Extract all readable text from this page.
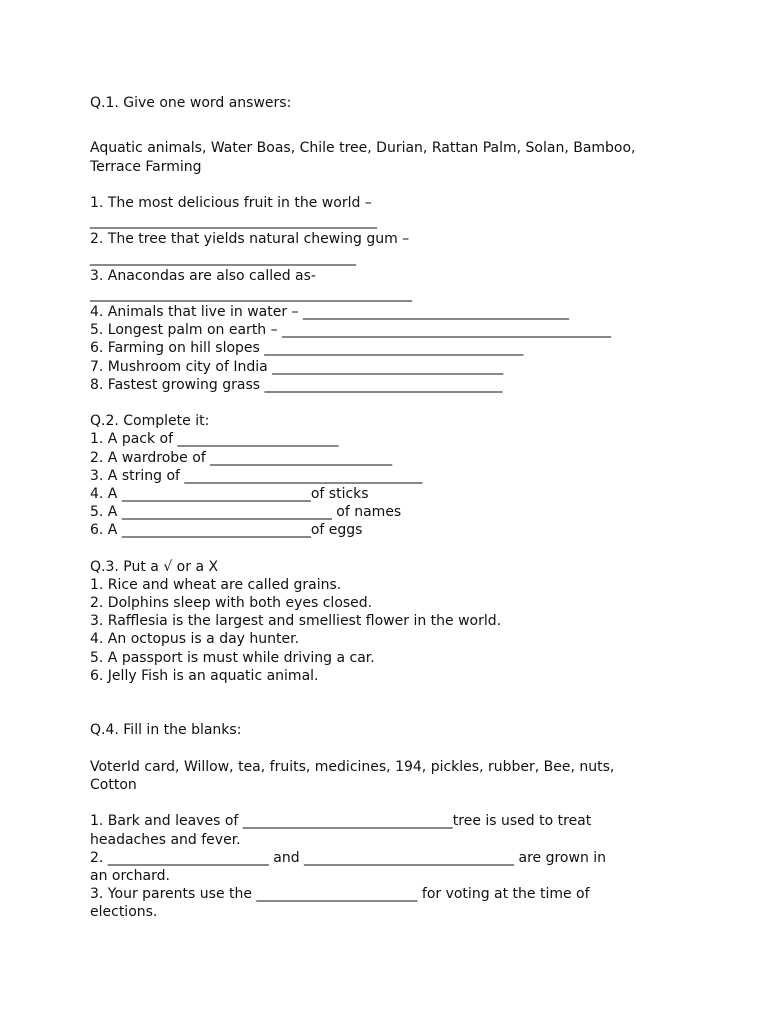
Q.1. Give one word answers:
Aquatic animals, Water Boas, Chile tree, Durian, Rattan Palm, Solan, Bamboo,
Terrace Farming
1. The most delicious fruit in the world –
_________________________________________
2. The tree that yields natural chewing gum –
______________________________________
3. Anacondas are also called as-
______________________________________________
4. Animals that live in water – ______________________________________
5. Longest palm on earth – _______________________________________________
6. Farming on hill slopes _____________________________________
7. Mushroom city of India _________________________________
8. Fastest growing grass __________________________________
Q.2. Complete it:
1. A pack of _______________________
2. A wardrobe of __________________________
3. A string of __________________________________
4. A ___________________________of sticks
5. A ______________________________ of names
6. A ___________________________of eggs
Q.3. Put a √ or a X
1. Rice and wheat are called grains.
2. Dolphins sleep with both eyes closed.
3. Rafflesia is the largest and smelliest flower in the world.
4. An octopus is a day hunter.
5. A passport is must while driving a car.
6. Jelly Fish is an aquatic animal.
Q.4. Fill in the blanks:
VoterId card, Willow, tea, fruits, medicines, 194, pickles, rubber, Bee, nuts,
Cotton
1. Bark and leaves of ______________________________tree is used to treat
headaches and fever.
2. _______________________ and ______________________________ are grown in
an orchard.
3. Your parents use the _______________________ for voting at the time of
elections.
